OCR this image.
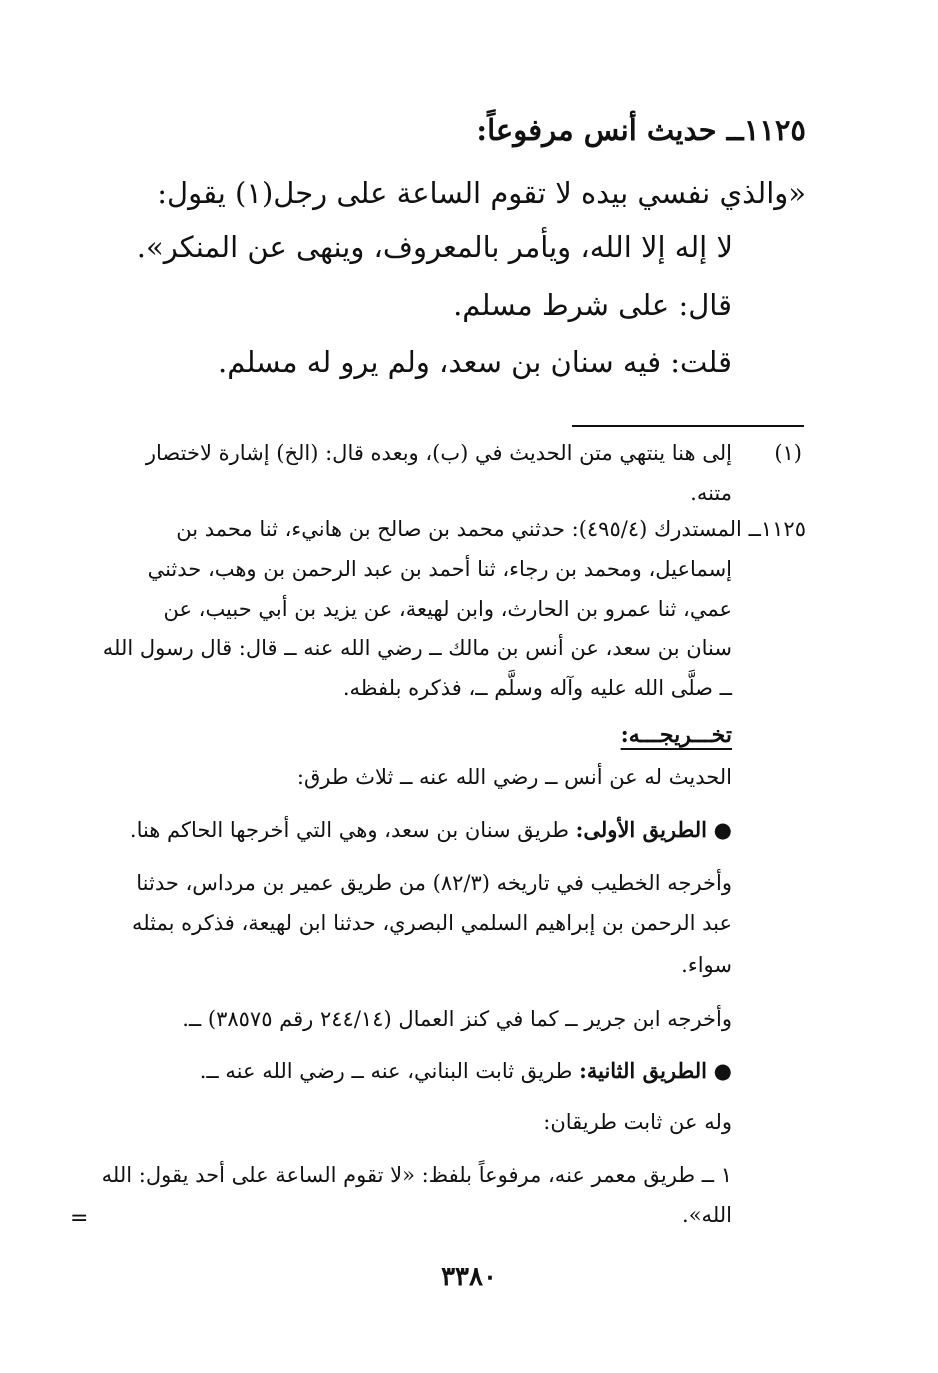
١١٢٥ــ حديث أنس مرفوعاً:

«والذي نفسي بيده لا تقوم الساعة على رجل(١) يقول:

لا إله إلا الله، ويأمر بالمعروف، وينهى عن المنكر».

قال: على شرط مسلم.

قلت: فيه سنان بن سعد، ولم يرو له مسلم.

(١)

إلى هنا ينتهي متن الحديث في (ب)، وبعده قال: (الخ) إشارة لاختصار

متنه.

١١٢٥ــ المستدرك (٤٩٥/٤): حدثني محمد بن صالح بن هانيء، ثنا محمد بن

إسماعيل، ومحمد بن رجاء، ثنا أحمد بن عبد الرحمن بن وهب، حدثني

عمي، ثنا عمرو بن الحارث، وابن لهيعة، عن يزيد بن أبي حبيب، عن

سنان بن سعد، عن أنس بن مالك ــ رضي الله عنه ــ قال: قال رسول الله

ــ صلَّى الله عليه وآله وسلَّم ــ، فذكره بلفظه.

تخـــريجـــه:

الحديث له عن أنس ــ رضي الله عنه ــ ثلاث طرق:

● الطريق الأولى: طريق سنان بن سعد، وهي التي أخرجها الحاكم هنا.

وأخرجه الخطيب في تاريخه (٨٢/٣) من طريق عمير بن مرداس، حدثنا

عبد الرحمن بن إبراهيم السلمي البصري، حدثنا ابن لهيعة، فذكره بمثله

سواء.

وأخرجه ابن جرير ــ كما في كنز العمال (٢٤٤/١٤ رقم ٣٨٥٧٥) ــ.

● الطريق الثانية: طريق ثابت البناني، عنه ــ رضي الله عنه ــ.

وله عن ثابت طريقان:

١ ــ طريق معمر عنه، مرفوعاً بلفظ: «لا تقوم الساعة على أحد يقول: الله

الله».

=
٣٣٨٠
